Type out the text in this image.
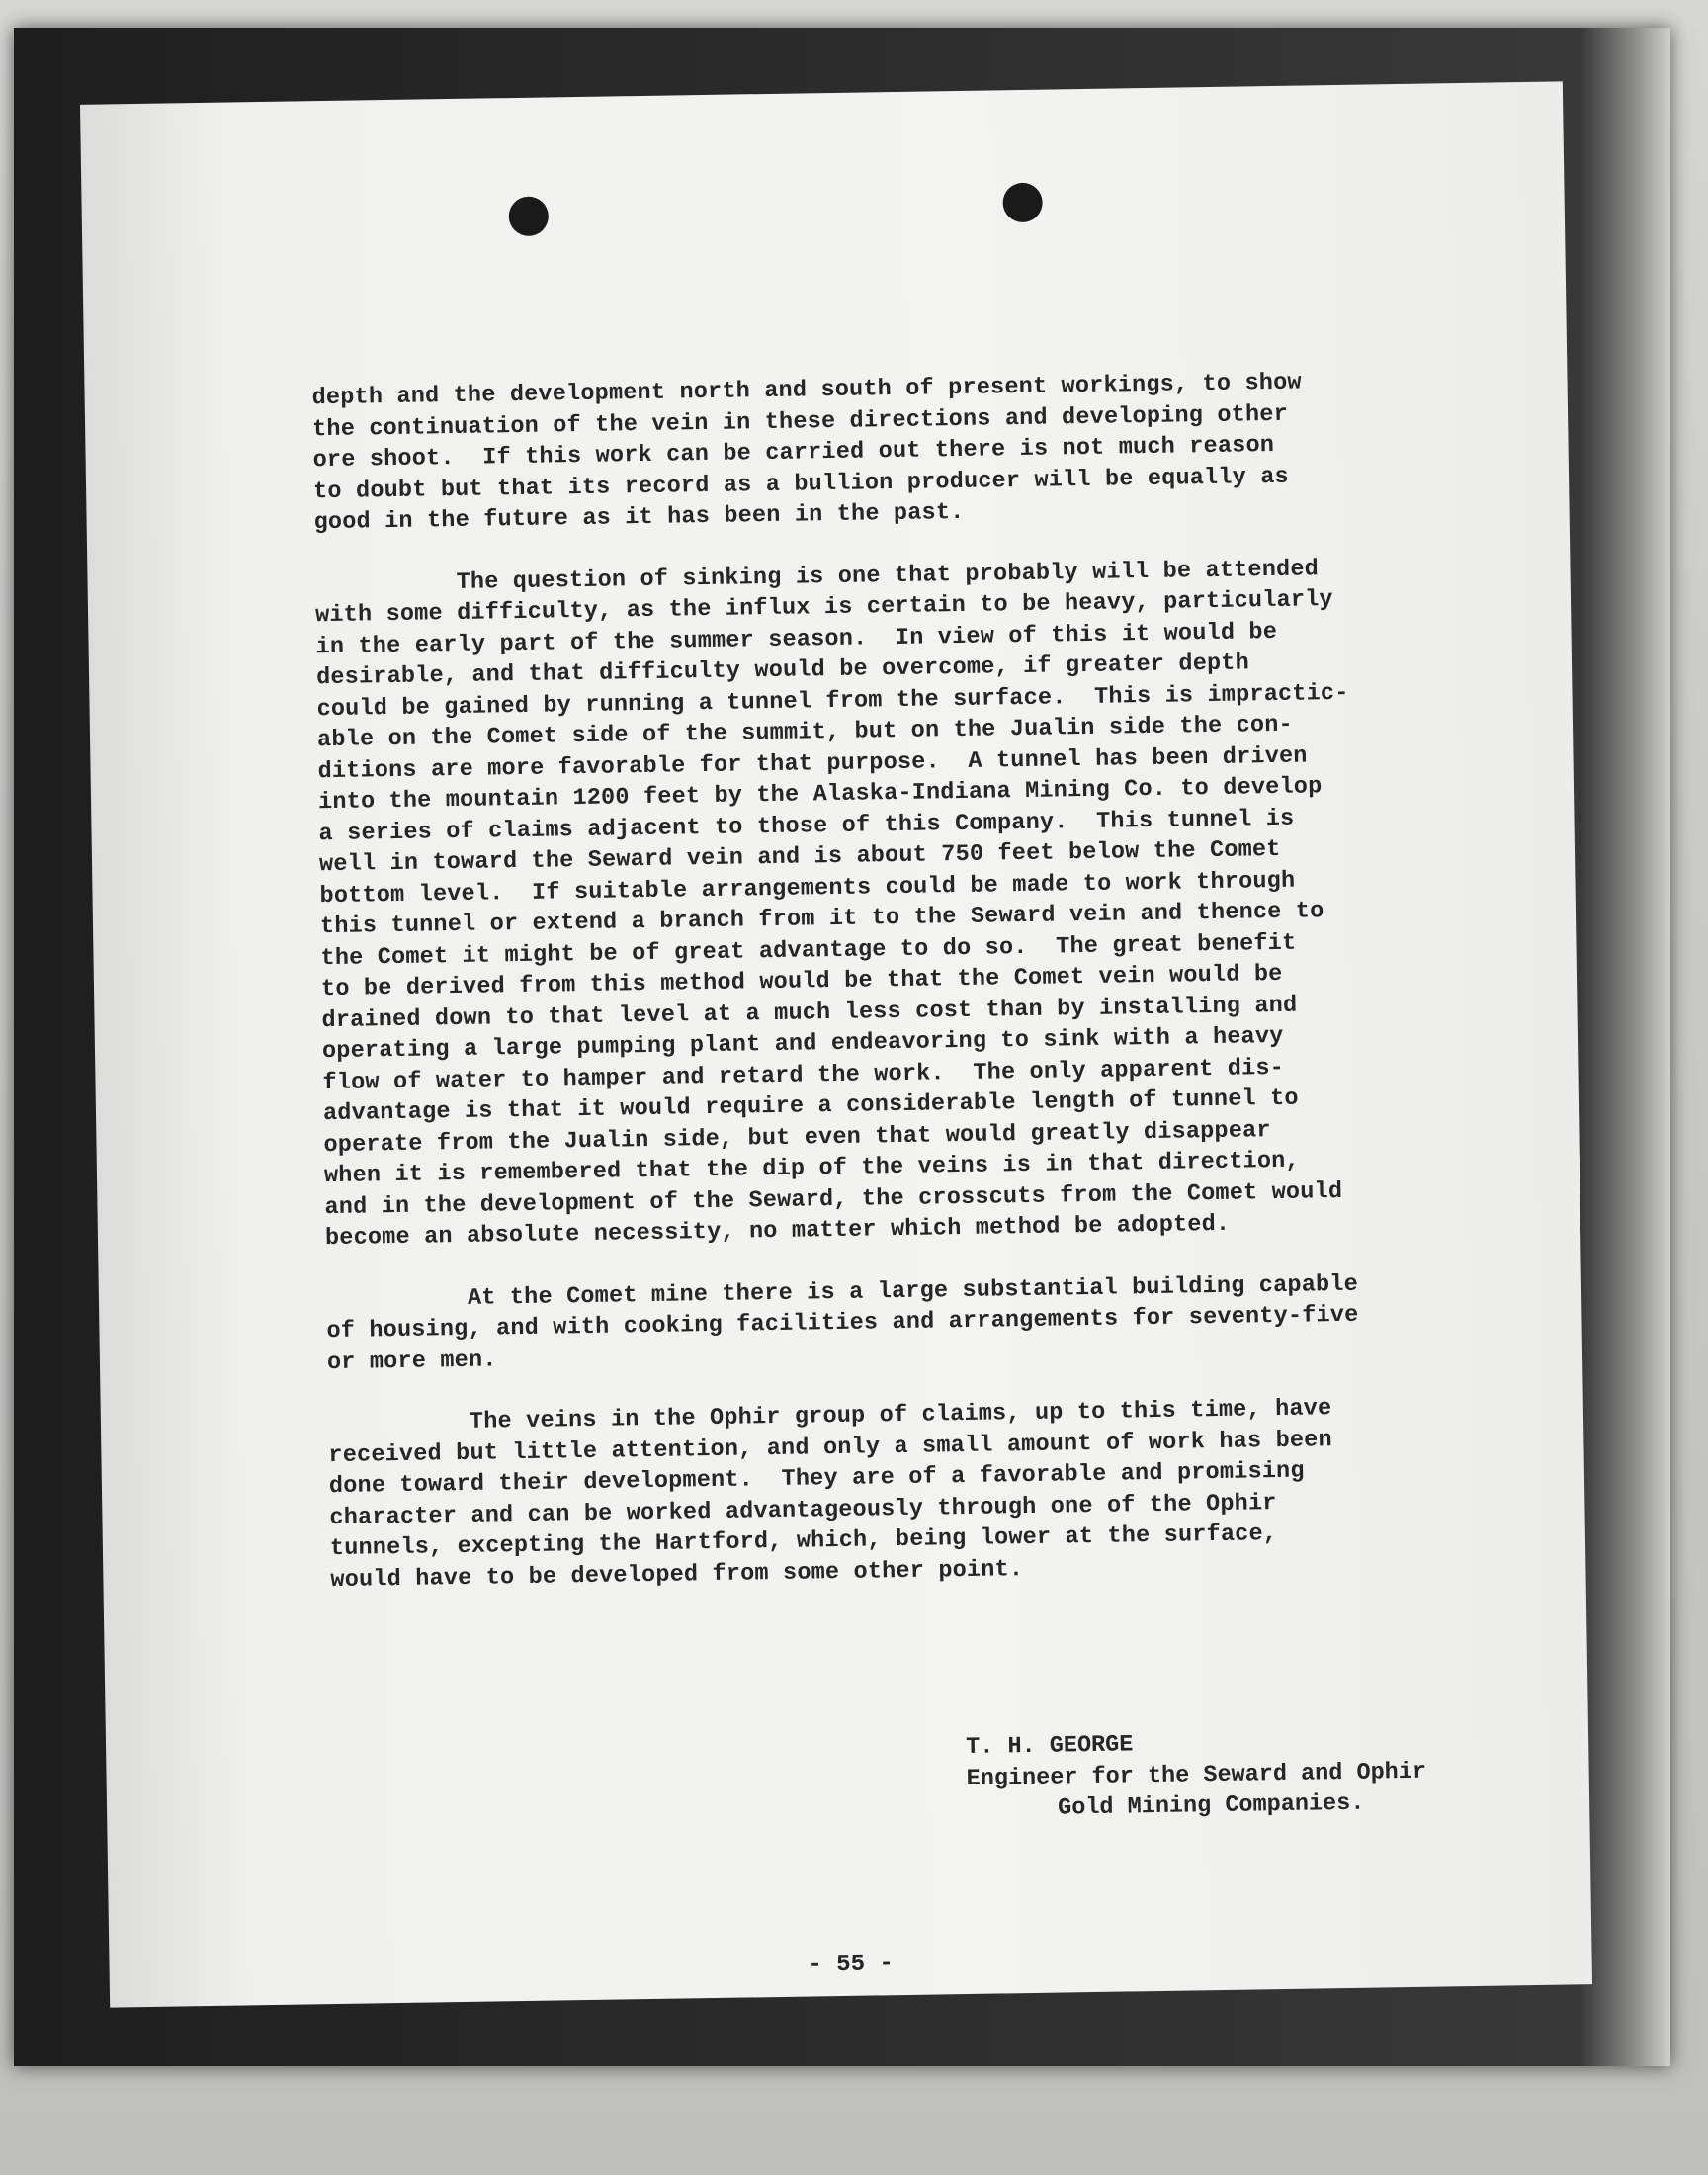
depth and the development north and south of present workings, to show
the continuation of the vein in these directions and developing other
ore shoot.  If this work can be carried out there is not much reason
to doubt but that its record as a bullion producer will be equally as
good in the future as it has been in the past.

The question of sinking is one that probably will be attended
with some difficulty, as the influx is certain to be heavy, particularly
in the early part of the summer season.  In view of this it would be
desirable, and that difficulty would be overcome, if greater depth
could be gained by running a tunnel from the surface.  This is impractic-
able on the Comet side of the summit, but on the Jualin side the con-
ditions are more favorable for that purpose.  A tunnel has been driven
into the mountain 1200 feet by the Alaska-Indiana Mining Co. to develop
a series of claims adjacent to those of this Company.  This tunnel is
well in toward the Seward vein and is about 750 feet below the Comet
bottom level.  If suitable arrangements could be made to work through
this tunnel or extend a branch from it to the Seward vein and thence to
the Comet it might be of great advantage to do so.  The great benefit
to be derived from this method would be that the Comet vein would be
drained down to that level at a much less cost than by installing and
operating a large pumping plant and endeavoring to sink with a heavy
flow of water to hamper and retard the work.  The only apparent dis-
advantage is that it would require a considerable length of tunnel to
operate from the Jualin side, but even that would greatly disappear
when it is remembered that the dip of the veins is in that direction,
and in the development of the Seward, the crosscuts from the Comet would
become an absolute necessity, no matter which method be adopted.

At the Comet mine there is a large substantial building capable
of housing, and with cooking facilities and arrangements for seventy-five
or more men.

The veins in the Ophir group of claims, up to this time, have
received but little attention, and only a small amount of work has been
done toward their development.  They are of a favorable and promising
character and can be worked advantageously through one of the Ophir
tunnels, excepting the Hartford, which, being lower at the surface,
would have to be developed from some other point.

T. H. GEORGE
Engineer for the Seward and Ophir
Gold Mining Companies.
- 55 -
